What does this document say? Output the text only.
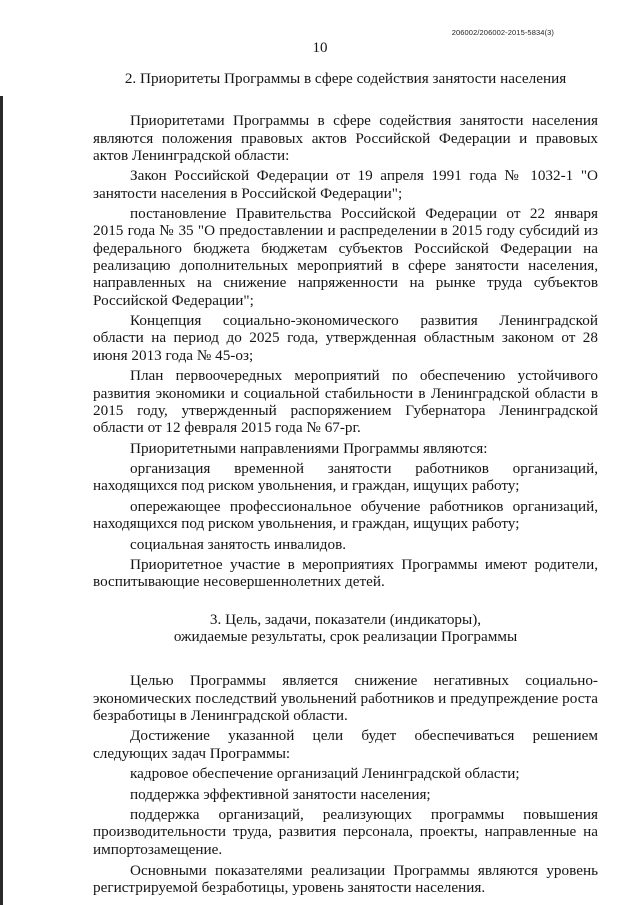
206002/206002-2015-5834(3)
10

2. Приоритеты Программы в сфере содействия занятости населения

Приоритетами Программы в сфере содействия занятости населения являются положения правовых актов Российской Федерации и правовых актов Ленинградской области:

Закон Российской Федерации от 19 апреля 1991 года № 1032-1 "О занятости населения в Российской Федерации";

постановление Правительства Российской Федерации от 22 января 2015 года № 35 "О предоставлении и распределении в 2015 году субсидий из федерального бюджета бюджетам субъектов Российской Федерации на реализацию дополнительных мероприятий в сфере занятости населения, направленных на снижение напряженности на рынке труда субъектов Российской Федерации";

Концепция социально-экономического развития Ленинградской области на период до 2025 года, утвержденная областным законом от 28 июня 2013 года № 45-оз;

План первоочередных мероприятий по обеспечению устойчивого развития экономики и социальной стабильности в Ленинградской области в 2015 году, утвержденный распоряжением Губернатора Ленинградской области от 12 февраля 2015 года № 67-рг.

Приоритетными направлениями Программы являются:

организация временной занятости работников организаций, находящихся под риском увольнения, и граждан, ищущих работу;

опережающее профессиональное обучение работников организаций, находящихся под риском увольнения, и граждан, ищущих работу;

социальная занятость инвалидов.

Приоритетное участие в мероприятиях Программы имеют родители, воспитывающие несовершеннолетних детей.

3. Цель, задачи, показатели (индикаторы),

ожидаемые результаты, срок реализации Программы

Целью Программы является снижение негативных социально-экономических последствий увольнений работников и предупреждение роста безработицы в Ленинградской области.

Достижение указанной цели будет обеспечиваться решением следующих задач Программы:

кадровое обеспечение организаций Ленинградской области;

поддержка эффективной занятости населения;

поддержка организаций, реализующих программы повышения производительности труда, развития персонала, проекты, направленные на импортозамещение.

Основными показателями реализации Программы являются уровень регистрируемой безработицы, уровень занятости населения.
